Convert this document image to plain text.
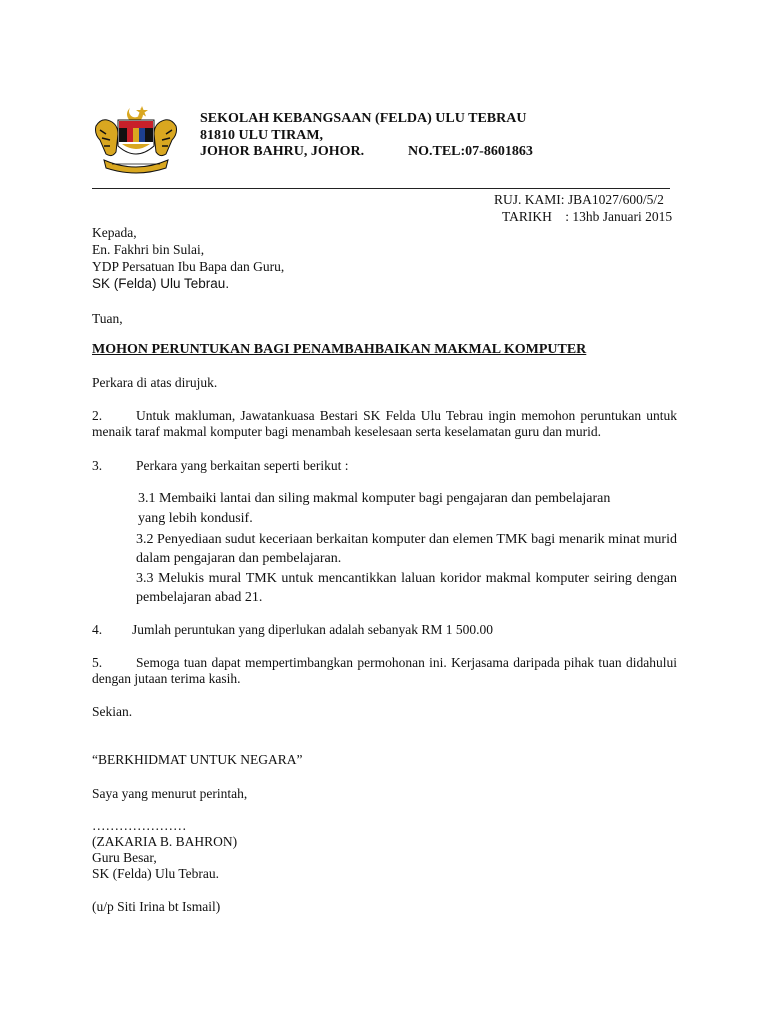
SEKOLAH KEBANGSAAN (FELDA) ULU TEBRAU
81810 ULU TIRAM,
JOHOR BAHRU, JOHOR.	NO.TEL:07-8601863
RUJ. KAMI: JBA1027/600/5/2
TARIKH : 13hb Januari 2015
Kepada,
En. Fakhri bin Sulai,
YDP Persatuan Ibu Bapa dan Guru,
SK (Felda) Ulu Tebrau.
Tuan,
MOHON PERUNTUKAN BAGI PENAMBAHBAIKAN MAKMAL KOMPUTER
Perkara di atas dirujuk.
2.	Untuk makluman, Jawatankuasa Bestari SK Felda Ulu Tebrau ingin memohon peruntukan untuk menaik taraf makmal komputer bagi menambah keselesaan serta keselamatan guru dan murid.
3.	Perkara yang berkaitan seperti berikut :
3.1 Membaiki lantai dan siling makmal komputer bagi pengajaran dan pembelajaran
yang lebih kondusif.
3.2 Penyediaan sudut keceriaan berkaitan komputer dan elemen TMK bagi menarik minat murid dalam pengajaran dan pembelajaran.
3.3 Melukis mural TMK untuk mencantikkan laluan koridor makmal komputer seiring dengan pembelajaran abad 21.
4. Jumlah peruntukan yang diperlukan adalah sebanyak RM 1 500.00
5.	Semoga tuan dapat mempertimbangkan permohonan ini. Kerjasama daripada pihak tuan didahului dengan jutaan terima kasih.
Sekian.
“BERKHIDMAT UNTUK NEGARA”
Saya yang menurut perintah,
…………………
(ZAKARIA B. BAHRON)
Guru Besar,
SK (Felda) Ulu Tebrau.
(u/p Siti Irina bt Ismail)
